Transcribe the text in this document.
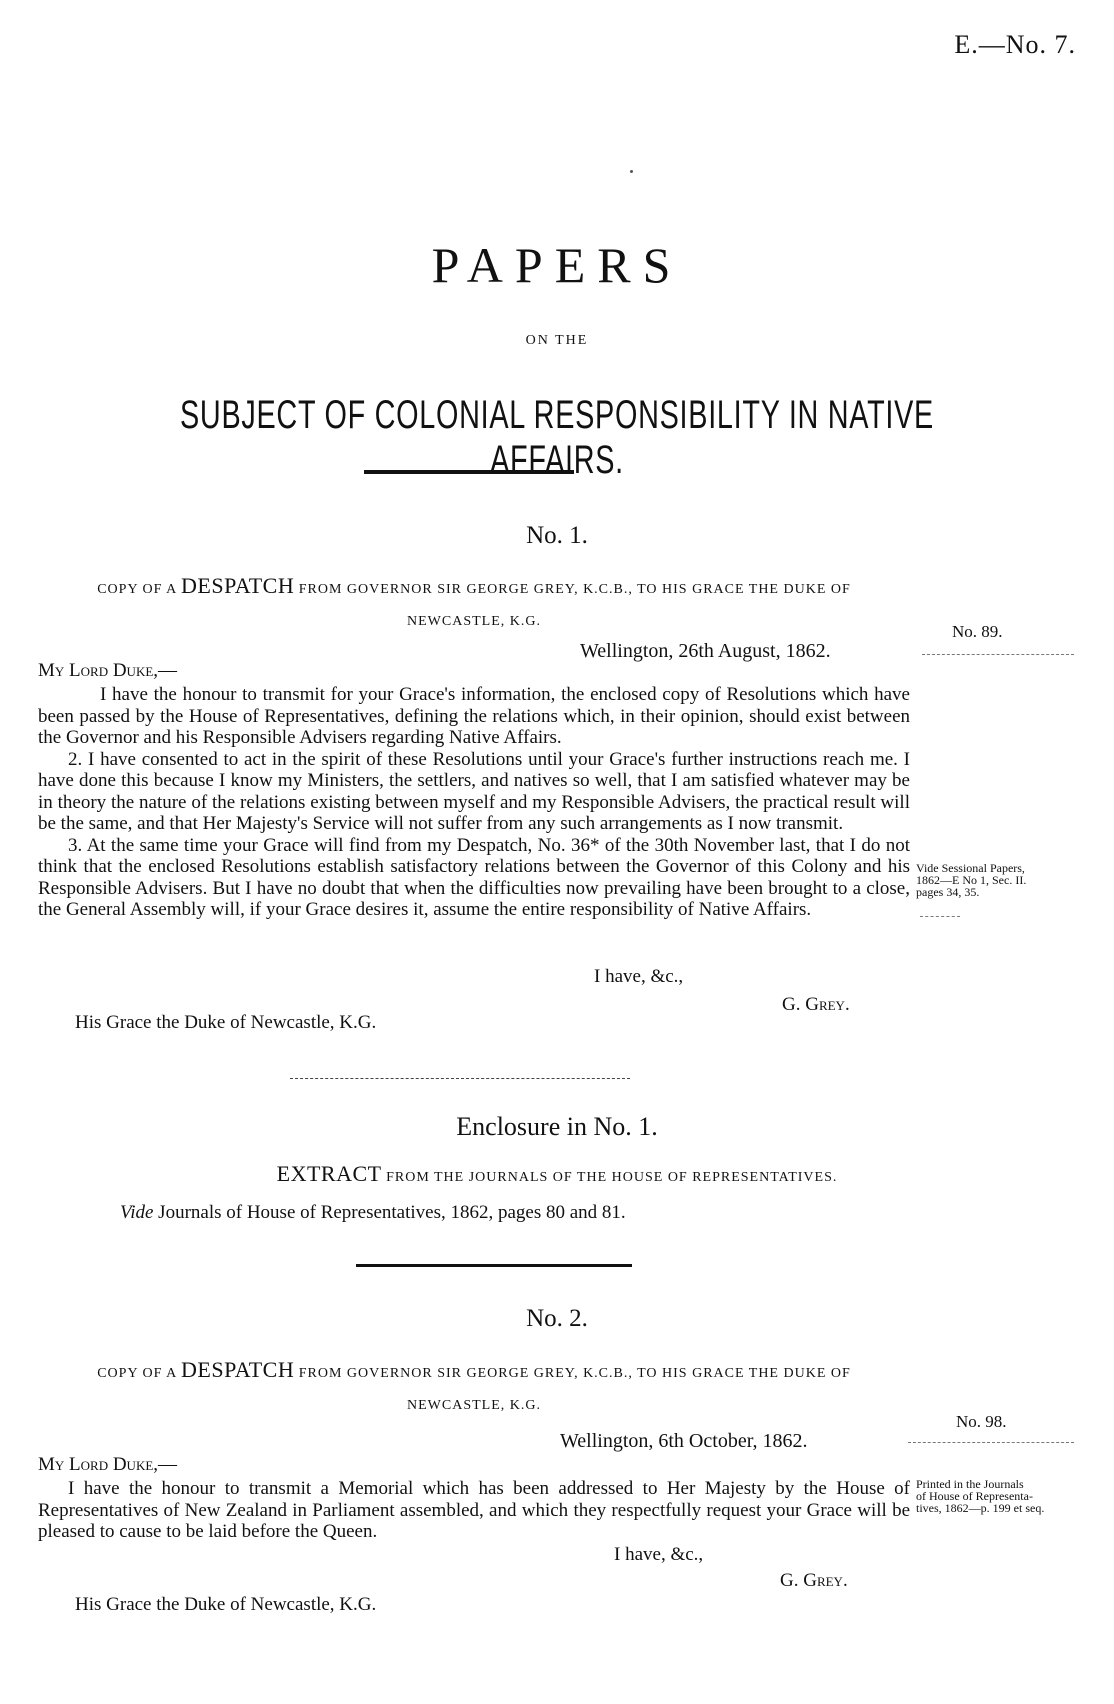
E.—No. 7.
PAPERS
ON THE
SUBJECT OF COLONIAL RESPONSIBILITY IN NATIVE AFFAIRS.
No. 1.
COPY OF A DESPATCH FROM GOVERNOR SIR GEORGE GREY, K.C.B., TO HIS GRACE THE DUKE OF
NEWCASTLE, K.G.
No. 89.
Wellington, 26th August, 1862.
My Lord Duke,—

I have the honour to transmit for your Grace's information, the enclosed copy of Resolutions which have been passed by the House of Representatives, defining the relations which, in their opinion, should exist between the Governor and his Responsible Advisers regarding Native Affairs.

2. I have consented to act in the spirit of these Resolutions until your Grace's further instructions reach me. I have done this because I know my Ministers, the settlers, and natives so well, that I am satisfied whatever may be in theory the nature of the relations existing between myself and my Responsible Advisers, the practical result will be the same, and that Her Majesty's Service will not suffer from any such arrangements as I now transmit.

3. At the same time your Grace will find from my Despatch, No. 36* of the 30th November last, that I do not think that the enclosed Resolutions establish satisfactory relations between the Governor of this Colony and his Responsible Advisers. But I have no doubt that when the difficulties now prevailing have been brought to a close, the General Assembly will, if your Grace desires it, assume the entire responsibility of Native Affairs.

Vide Sessional Papers,
1862—E No 1, Sec. II.
pages 34, 35.
I have, &c.,
G. Grey.
His Grace the Duke of Newcastle, K.G.
Enclosure in No. 1.
EXTRACT FROM THE JOURNALS OF THE HOUSE OF REPRESENTATIVES.
Vide Journals of House of Representatives, 1862, pages 80 and 81.
No. 2.
COPY OF A DESPATCH FROM GOVERNOR SIR GEORGE GREY, K.C.B., TO HIS GRACE THE DUKE OF
NEWCASTLE, K.G.
No. 98.
Wellington, 6th October, 1862.
My Lord Duke,—

I have the honour to transmit a Memorial which has been addressed to Her Majesty by the House of Representatives of New Zealand in Parliament assembled, and which they respectfully request your Grace will be pleased to cause to be laid before the Queen.

Printed in the Journals
of House of Representa-
tives, 1862—p. 199 et seq.
I have, &c.,
G. Grey.
His Grace the Duke of Newcastle, K.G.
